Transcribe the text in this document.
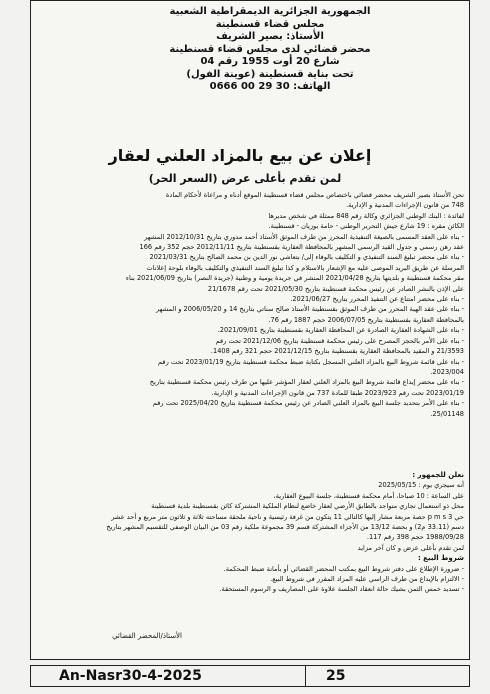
الجمهورية الجزائرية الديمقراطية الشعبية
مجلس قضاء قسنطينة
الأستاذ: بصير الشريف
محضر قضائي لدى مجلس قضاء قسنطينة
شارع 20 أوت 1955 رقم 04
تحت بناية قسنطينة (عوينة الفول)
الهاتف: 30 29 00 0666
إعلان عن بيع بالمزاد العلني لعقار
لمن تقدم بأعلى عرض (السعر الحر)

نحن الأستاذ بصير الشريف محضر قضائي باختصاص مجلس قضاء قسنطينة الموقع أدناه و مراعاة لأحكام المادة

748 من قانون الإجراءات المدنية و الإدارية.

لفائدة : البنك الوطني الجزائري وكالة رقم 848 ممثلة في شخص مديرها

الكائن مقره : 19 شارع جيش التحرير الوطني - حامة بوزيان - قسنطينة.

- بناء على العقد المسمى بالصيغة التنفيذية المحرر من طرف الموثق الأستاذ أحمد مدوري بتاريخ 2012/10/31 المشهر

عقد رهن رسمي و جدول القيد الرسمي المشهر بالمحافظة العقارية بقسنطينة بتاريخ 2012/11/11 حجم 352 رقم 166

- بناء على محضر تبليغ السند التنفيذي و التكليف بالوفاء إلى/ بتعاشي نور الدين بن محمد الصالح بتاريخ 2021/03/31

المرسلة عن طريق البريد الموصى عليه مع الإشعار بالاستلام و كذا تبليغ السند التنفيذي والتكليف بالوفاء بلوحة إعلانات

مقر محكمة قسنطينة و بلديتها بتاريخ 2021/04/28 المنشر في جريدة يومية و وطنية (جريدة النصر) بتاريخ 2021/06/09 بناء

على الإذن بالنشر الصادر عن رئيس محكمة قسنطينة بتاريخ 2021/05/30 تحت رقم 21/1678

- بناء على محضر امتناع عن التنفيذ المحرر بتاريخ 2021/06/27.

- بناء على عقد الهبة المحرر من طرف الموثق بقسنطينة الأستاذ صالح سناتي بتاريخ 14 و 2006/05/20 و المشهر

بالمحافظة العقارية بقسنطينة بتاريخ 2006/07/05 حجم 1887 رقم 76.

- بناء على الشهادة العقارية الصادرة عن المحافظة العقارية بقسنطينة بتاريخ 2021/09/01.

- بناء على الأمر بالحجز المصرح على رئيس محكمة قسنطينة بتاريخ 2021/12/06 تحت رقم

21/3593 و المقيد بالمحافظة العقارية بقسنطينة بتاريخ 2021/12/15 حجم 321 رقم 1408.

- بناء على قائمة شروط البيع بالمزاد العلني المسجل بكتابة ضبط محكمة قسنطينة بتاريخ 2023/01/19 تحت رقم

2023/004.

- بناء على محضر إيداع قائمة شروط البيع بالمزاد العلني لعقار المؤشر عليها من طرف رئيس محكمة قسنطينة بتاريخ

2023/01/19 تحت رقم 2023/923 طبقا للمادة 737 من قانون الإجراءات المدنية و الإدارية.

- بناء على الأمر بتحديد جلسة البيع بالمزاد العلني الصادر عن رئيس محكمة قسنطينة بتاريخ 2025/04/20 تحت رقم

25/01148.

نعلن للجمهور :

أنه سيجري يوم : 2025/05/15

على الساعة : 10 صباحا، أمام محكمة قسنطينة، جلسة البيوع العقارية،

محل ذو استعمال تجاري متواجد بالطابق الأرضي لعقار خاضع لنظام الملكية المشتركة كائن بقسنطينة بلدية قسنطينة

حي 3 p m s حصة مربعة مشار إليها كالتالي 11 يتكون من غرفة رئيسية و ناحية ملحقة مساحته ثلاثة و ثلاثون متر مربع و أحد عشر

دسم (33.11 م2) و بحصة 13/12 من الأجزاء المشتركة قسم 39 مجموعة ملكية رقم 03 من البيان الوصفي للتقسيم المشهر بتاريخ

1988/09/28 حجم 398 رقم 117.

لمن تقدم بأعلى عرض و كان آخر مزايد

شروط البيع :

- ضرورة الإطلاع على دفتر شروط البيع بمكتب المحضر القضائي أو بأمانة ضبط المحكمة.

- الالتزام بالإيداع من طرف الراسي عليه المزاد المقرر في شروط البيع.

- تسديد خمس الثمن بشيك حالة انعقاد الجلسة علاوة على المصاريف و الرسوم المستحقة.

الأستاذ/المحضر القضائي
An-Nasr30-4-2025	25
